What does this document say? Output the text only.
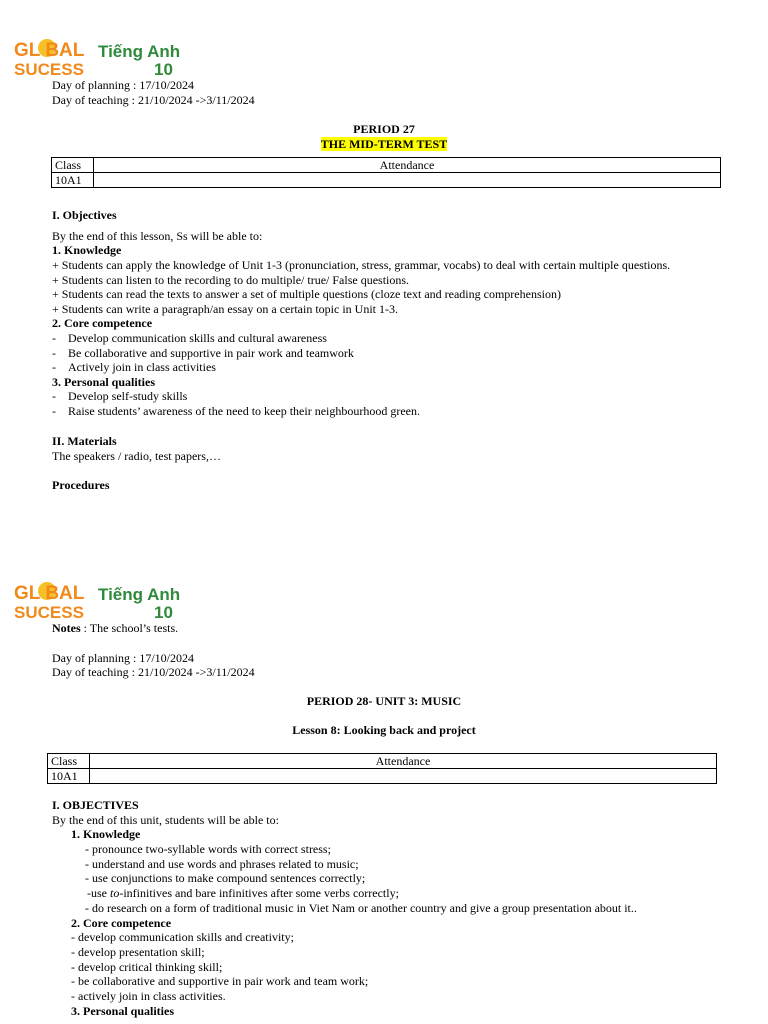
GL BAL
SUCESS
Tiếng Anh
10
Day of planning : 17/10/2024
Day of teaching : 21/10/2024 ->3/11/2024
PERIOD 27
THE MID-TERM TEST
Class	Attendance
10A1	
I. Objectives
By the end of this lesson, Ss will be able to:
1. Knowledge
+ Students can apply the knowledge of Unit 1-3 (pronunciation, stress, grammar, vocabs) to deal with certain multiple questions.
+ Students can listen to the recording to do multiple/ true/ False questions.
+ Students can read the texts to answer a set of multiple questions (cloze text and reading comprehension)
+ Students can write a paragraph/an essay on a certain topic in Unit 1-3.
2. Core competence
- Develop communication skills and cultural awareness
- Be collaborative and supportive in pair work and teamwork
- Actively join in class activities
3. Personal qualities
- Develop self-study skills
- Raise students’ awareness of the need to keep their neighbourhood green.
II. Materials
The speakers / radio, test papers,…
Procedures
GL BAL
SUCESS
Tiếng Anh
10
Notes : The school’s tests.
Day of planning : 17/10/2024
Day of teaching : 21/10/2024 ->3/11/2024
PERIOD 28- UNIT 3: MUSIC
Lesson 8: Looking back and project
Class	Attendance
10A1	
I. OBJECTIVES
By the end of this unit, students will be able to:
1. Knowledge
- pronounce two-syllable words with correct stress;
- understand and use words and phrases related to music;
- use conjunctions to make compound sentences correctly;
-use to-infinitives and bare infinitives after some verbs correctly;
- do research on a form of traditional music in Viet Nam or another country and give a group presentation about it..
2. Core competence
- develop communication skills and creativity;
- develop presentation skill;
- develop critical thinking skill;
- be collaborative and supportive in pair work and team work;
- actively join in class activities.
3. Personal qualities
